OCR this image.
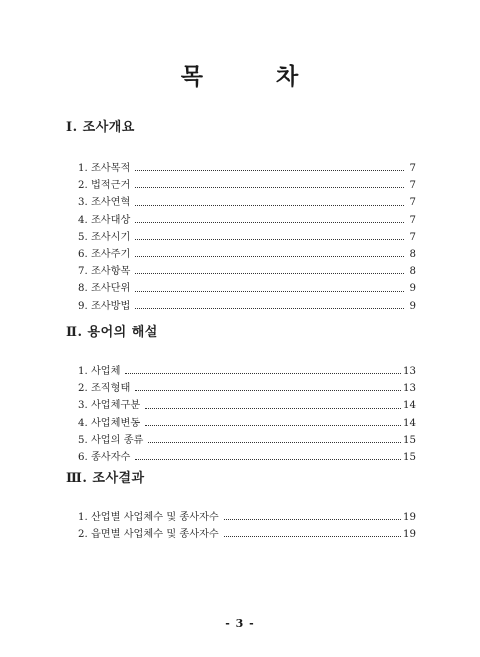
목	차
Ⅰ. 조사개요
1. 조사목적	7
2. 법적근거	7
3. 조사연혁	7
4. 조사대상	7
5. 조사시기	7
6. 조사주기	8
7. 조사항목	8
8. 조사단위	9
9. 조사방법	9
Ⅱ. 용어의 해설
1. 사업체	13
2. 조직형태	13
3. 사업체구분	14
4. 사업체변동	14
5. 사업의 종류	15
6. 종사자수	15
Ⅲ. 조사결과
1. 산업별 사업체수 및 종사자수	19
2. 읍면별 사업체수 및 종사자수	19
- 3 -
